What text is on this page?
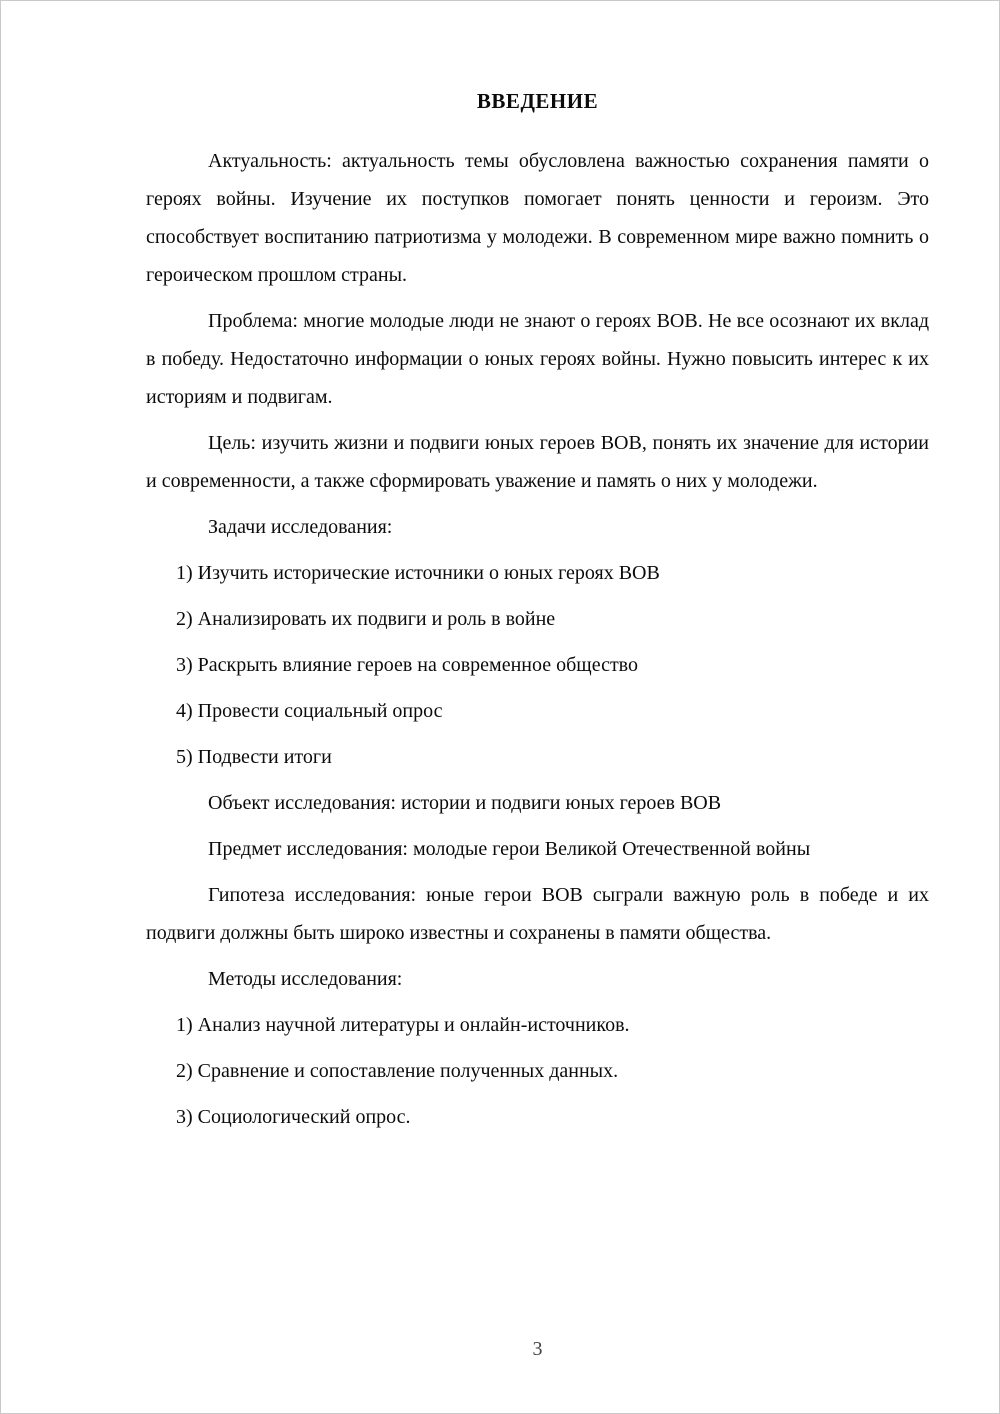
ВВЕДЕНИЕ

Актуальность: актуальность темы обусловлена важностью сохранения памяти о героях войны. Изучение их поступков помогает понять ценности и героизм. Это способствует воспитанию патриотизма у молодежи. В современном мире важно помнить о героическом прошлом страны.

Проблема: многие молодые люди не знают о героях ВОВ. Не все осознают их вклад в победу. Недостаточно информации о юных героях войны. Нужно повысить интерес к их историям и подвигам.

Цель: изучить жизни и подвиги юных героев ВОВ, понять их значение для истории и современности, а также сформировать уважение и память о них у молодежи.

Задачи исследования:

1) Изучить исторические источники о юных героях ВОВ

2) Анализировать их подвиги и роль в войне

3) Раскрыть влияние героев на современное общество

4) Провести социальный опрос

5) Подвести итоги

Объект исследования: истории и подвиги юных героев ВОВ

Предмет исследования: молодые герои Великой Отечественной войны

Гипотеза исследования: юные герои ВОВ сыграли важную роль в победе и их подвиги должны быть широко известны и сохранены в памяти общества.

Методы исследования:

1) Анализ научной литературы и онлайн-источников.

2) Сравнение и сопоставление полученных данных.

3) Социологический опрос.

3
